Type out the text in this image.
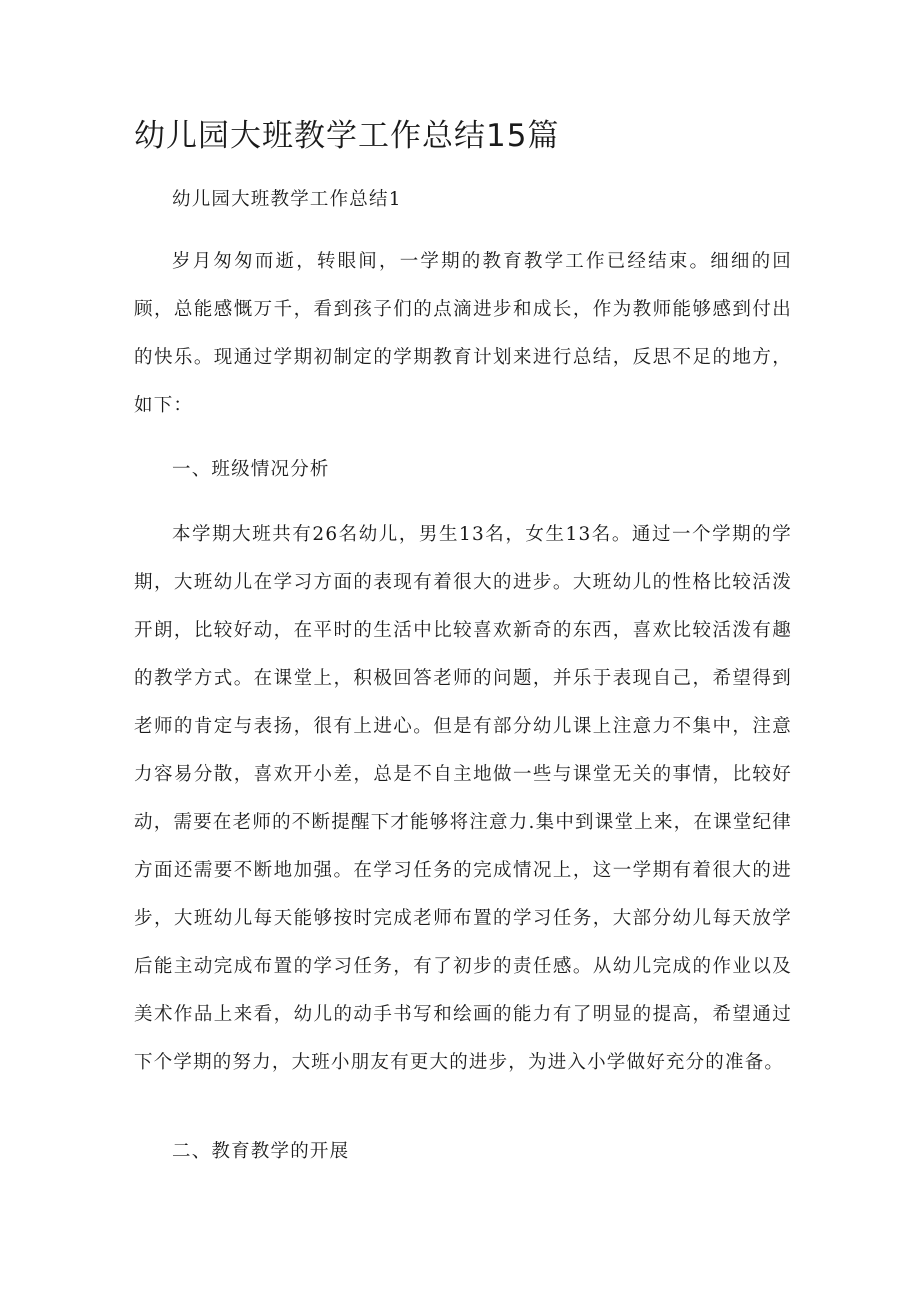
幼儿园大班教学工作总结15篇

幼儿园大班教学工作总结1

岁月匆匆而逝，转眼间，一学期的教育教学工作已经结束。细细的回顾，总能感慨万千，看到孩子们的点滴进步和成长，作为教师能够感到付出的快乐。现通过学期初制定的学期教育计划来进行总结，反思不足的地方，如下：

一、班级情况分析

本学期大班共有26名幼儿，男生13名，女生13名。通过一个学期的学期，大班幼儿在学习方面的表现有着很大的进步。大班幼儿的性格比较活泼开朗，比较好动，在平时的生活中比较喜欢新奇的东西，喜欢比较活泼有趣的教学方式。在课堂上，积极回答老师的问题，并乐于表现自己，希望得到老师的肯定与表扬，很有上进心。但是有部分幼儿课上注意力不集中，注意力容易分散，喜欢开小差，总是不自主地做一些与课堂无关的事情，比较好动，需要在老师的不断提醒下才能够将注意力.集中到课堂上来，在课堂纪律方面还需要不断地加强。在学习任务的完成情况上，这一学期有着很大的进步，大班幼儿每天能够按时完成老师布置的学习任务，大部分幼儿每天放学后能主动完成布置的学习任务，有了初步的责任感。从幼儿完成的作业以及美术作品上来看，幼儿的动手书写和绘画的能力有了明显的提高，希望通过下个学期的努力，大班小朋友有更大的进步，为进入小学做好充分的准备。

二、教育教学的开展
